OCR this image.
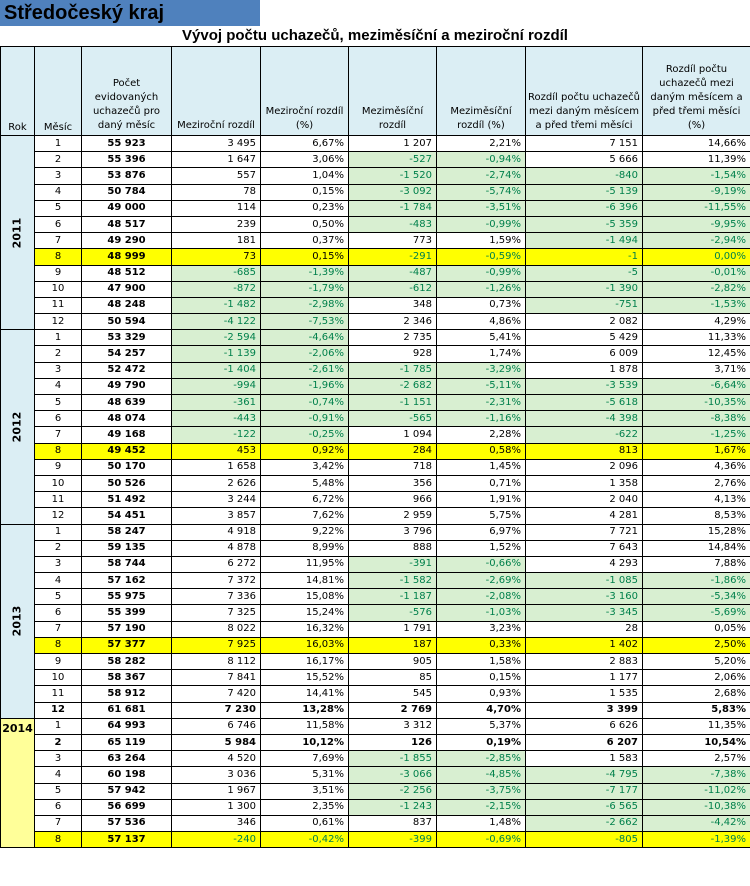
Středočeský kraj
Vývoj počtu uchazečů, meziměsíční a meziroční rozdíl
Rok	Měsíc	Počet evidovaných uchazečů pro daný měsíc	Meziroční rozdíl	Meziroční rozdíl (%)	Meziměsíční rozdíl	Meziměsíční rozdíl (%)	Rozdíl počtu uchazečů mezi daným měsícem a před třemi měsíci	Rozdíl počtu uchazečů mezi daným měsícem a před třemi měsíci (%)
2011	1	55 923	3 495	6,67%	1 207	2,21%	7 151	14,66%
	2	55 396	1 647	3,06%	-527	-0,94%	5 666	11,39%
	3	53 876	557	1,04%	-1 520	-2,74%	-840	-1,54%
	4	50 784	78	0,15%	-3 092	-5,74%	-5 139	-9,19%
	5	49 000	114	0,23%	-1 784	-3,51%	-6 396	-11,55%
	6	48 517	239	0,50%	-483	-0,99%	-5 359	-9,95%
	7	49 290	181	0,37%	773	1,59%	-1 494	-2,94%
	8	48 999	73	0,15%	-291	-0,59%	-1	0,00%
	9	48 512	-685	-1,39%	-487	-0,99%	-5	-0,01%
	10	47 900	-872	-1,79%	-612	-1,26%	-1 390	-2,82%
	11	48 248	-1 482	-2,98%	348	0,73%	-751	-1,53%
	12	50 594	-4 122	-7,53%	2 346	4,86%	2 082	4,29%
2012	1	53 329	-2 594	-4,64%	2 735	5,41%	5 429	11,33%
	2	54 257	-1 139	-2,06%	928	1,74%	6 009	12,45%
	3	52 472	-1 404	-2,61%	-1 785	-3,29%	1 878	3,71%
	4	49 790	-994	-1,96%	-2 682	-5,11%	-3 539	-6,64%
	5	48 639	-361	-0,74%	-1 151	-2,31%	-5 618	-10,35%
	6	48 074	-443	-0,91%	-565	-1,16%	-4 398	-8,38%
	7	49 168	-122	-0,25%	1 094	2,28%	-622	-1,25%
	8	49 452	453	0,92%	284	0,58%	813	1,67%
	9	50 170	1 658	3,42%	718	1,45%	2 096	4,36%
	10	50 526	2 626	5,48%	356	0,71%	1 358	2,76%
	11	51 492	3 244	6,72%	966	1,91%	2 040	4,13%
	12	54 451	3 857	7,62%	2 959	5,75%	4 281	8,53%
2013	1	58 247	4 918	9,22%	3 796	6,97%	7 721	15,28%
	2	59 135	4 878	8,99%	888	1,52%	7 643	14,84%
	3	58 744	6 272	11,95%	-391	-0,66%	4 293	7,88%
	4	57 162	7 372	14,81%	-1 582	-2,69%	-1 085	-1,86%
	5	55 975	7 336	15,08%	-1 187	-2,08%	-3 160	-5,34%
	6	55 399	7 325	15,24%	-576	-1,03%	-3 345	-5,69%
	7	57 190	8 022	16,32%	1 791	3,23%	28	0,05%
	8	57 377	7 925	16,03%	187	0,33%	1 402	2,50%
	9	58 282	8 112	16,17%	905	1,58%	2 883	5,20%
	10	58 367	7 841	15,52%	85	0,15%	1 177	2,06%
	11	58 912	7 420	14,41%	545	0,93%	1 535	2,68%
	12	61 681	7 230	13,28%	2 769	4,70%	3 399	5,83%
2014	1	64 993	6 746	11,58%	3 312	5,37%	6 626	11,35%
	2	65 119	5 984	10,12%	126	0,19%	6 207	10,54%
	3	63 264	4 520	7,69%	-1 855	-2,85%	1 583	2,57%
	4	60 198	3 036	5,31%	-3 066	-4,85%	-4 795	-7,38%
	5	57 942	1 967	3,51%	-2 256	-3,75%	-7 177	-11,02%
	6	56 699	1 300	2,35%	-1 243	-2,15%	-6 565	-10,38%
	7	57 536	346	0,61%	837	1,48%	-2 662	-4,42%
	8	57 137	-240	-0,42%	-399	-0,69%	-805	-1,39%
